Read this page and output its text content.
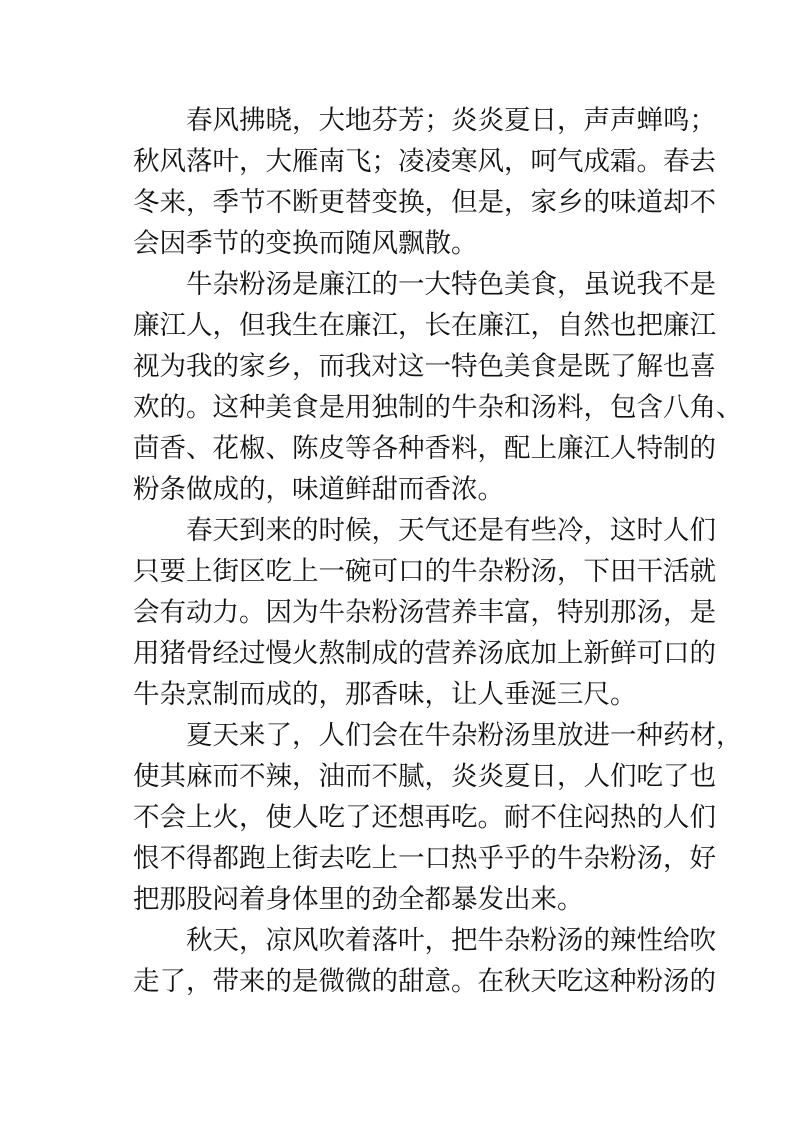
春风拂晓，大地芬芳；炎炎夏日，声声蝉鸣；
秋风落叶，大雁南飞；凌凌寒风，呵气成霜。春去
冬来，季节不断更替变换，但是，家乡的味道却不
会因季节的变换而随风飘散。
牛杂粉汤是廉江的一大特色美食，虽说我不是
廉江人，但我生在廉江，长在廉江，自然也把廉江
视为我的家乡，而我对这一特色美食是既了解也喜
欢的。这种美食是用独制的牛杂和汤料，包含八角、
茴香、花椒、陈皮等各种香料，配上廉江人特制的
粉条做成的，味道鲜甜而香浓。
春天到来的时候，天气还是有些冷，这时人们
只要上街区吃上一碗可口的牛杂粉汤，下田干活就
会有动力。因为牛杂粉汤营养丰富，特别那汤，是
用猪骨经过慢火熬制成的营养汤底加上新鲜可口的
牛杂烹制而成的，那香味，让人垂涎三尺。
夏天来了，人们会在牛杂粉汤里放进一种药材，
使其麻而不辣，油而不腻，炎炎夏日，人们吃了也
不会上火，使人吃了还想再吃。耐不住闷热的人们
恨不得都跑上街去吃上一口热乎乎的牛杂粉汤，好
把那股闷着身体里的劲全都暴发出来。
秋天，凉风吹着落叶，把牛杂粉汤的辣性给吹
走了，带来的是微微的甜意。在秋天吃这种粉汤的
